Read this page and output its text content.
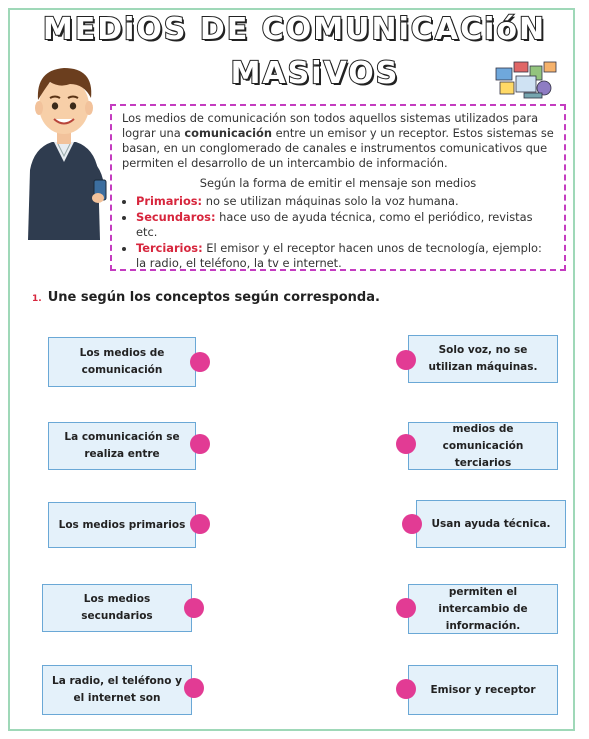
MEDiOS DE COMUNiCACióN
MASiVOS

Los medios de comunicación son todos aquellos sistemas utilizados para lograr una comunicación entre un emisor y un receptor. Estos sistemas se basan, en un conglomerado de canales e instrumentos comunicativos que permiten el desarrollo de un intercambio de información.

Según la forma de emitir el mensaje son medios

• Primarios: no se utilizan máquinas solo la voz humana.
• Secundaros: hace uso de ayuda técnica, como el periódico, revistas etc.
• Terciarios: El emisor y el receptor hacen unos de tecnología, ejemplo: la radio, el teléfono, la tv e internet.
1. Une según los conceptos según corresponda.
Los medios de comunicación
La comunicación se realiza entre
Los medios primarios
Los medios secundarios
La radio, el teléfono y el internet son
Solo voz, no se utilizan máquinas.
medios de comunicación terciarios
Usan ayuda técnica.
permiten el intercambio de información.
Emisor y receptor
